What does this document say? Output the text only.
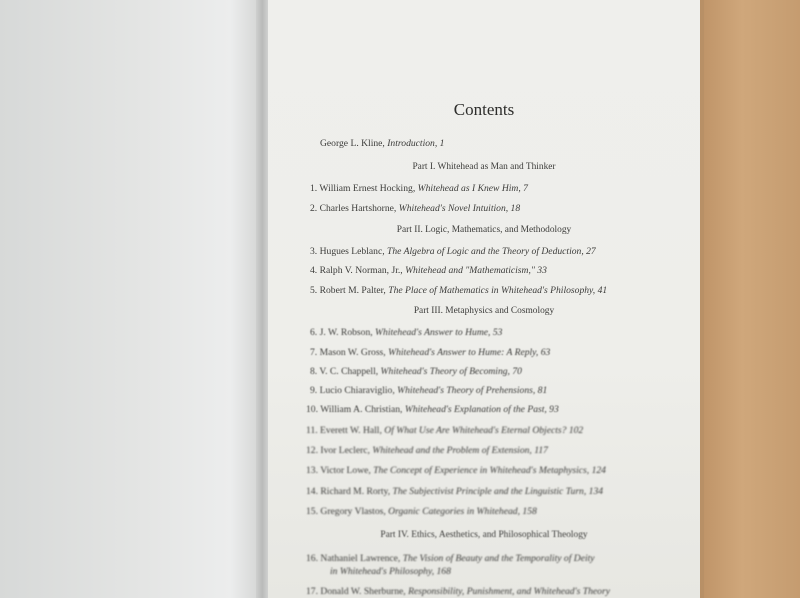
Contents
George L. Kline, Introduction, 1
Part I. Whitehead as Man and Thinker
1. William Ernest Hocking, Whitehead as I Knew Him, 7
2. Charles Hartshorne, Whitehead's Novel Intuition, 18
Part II. Logic, Mathematics, and Methodology
3. Hugues Leblanc, The Algebra of Logic and the Theory of Deduction, 27
4. Ralph V. Norman, Jr., Whitehead and "Mathematicism," 33
5. Robert M. Palter, The Place of Mathematics in Whitehead's Philosophy, 41
Part III. Metaphysics and Cosmology
6. J. W. Robson, Whitehead's Answer to Hume, 53
7. Mason W. Gross, Whitehead's Answer to Hume: A Reply, 63
8. V. C. Chappell, Whitehead's Theory of Becoming, 70
9. Lucio Chiaraviglio, Whitehead's Theory of Prehensions, 81
10. William A. Christian, Whitehead's Explanation of the Past, 93
11. Everett W. Hall, Of What Use Are Whitehead's Eternal Objects? 102
12. Ivor Leclerc, Whitehead and the Problem of Extension, 117
13. Victor Lowe, The Concept of Experience in Whitehead's Metaphysics, 124
14. Richard M. Rorty, The Subjectivist Principle and the Linguistic Turn, 134
15. Gregory Vlastos, Organic Categories in Whitehead, 158
Part IV. Ethics, Aesthetics, and Philosophical Theology
16. Nathaniel Lawrence, The Vision of Beauty and the Temporality of Deity
in Whitehead's Philosophy, 168
17. Donald W. Sherburne, Responsibility, Punishment, and Whitehead's Theory
